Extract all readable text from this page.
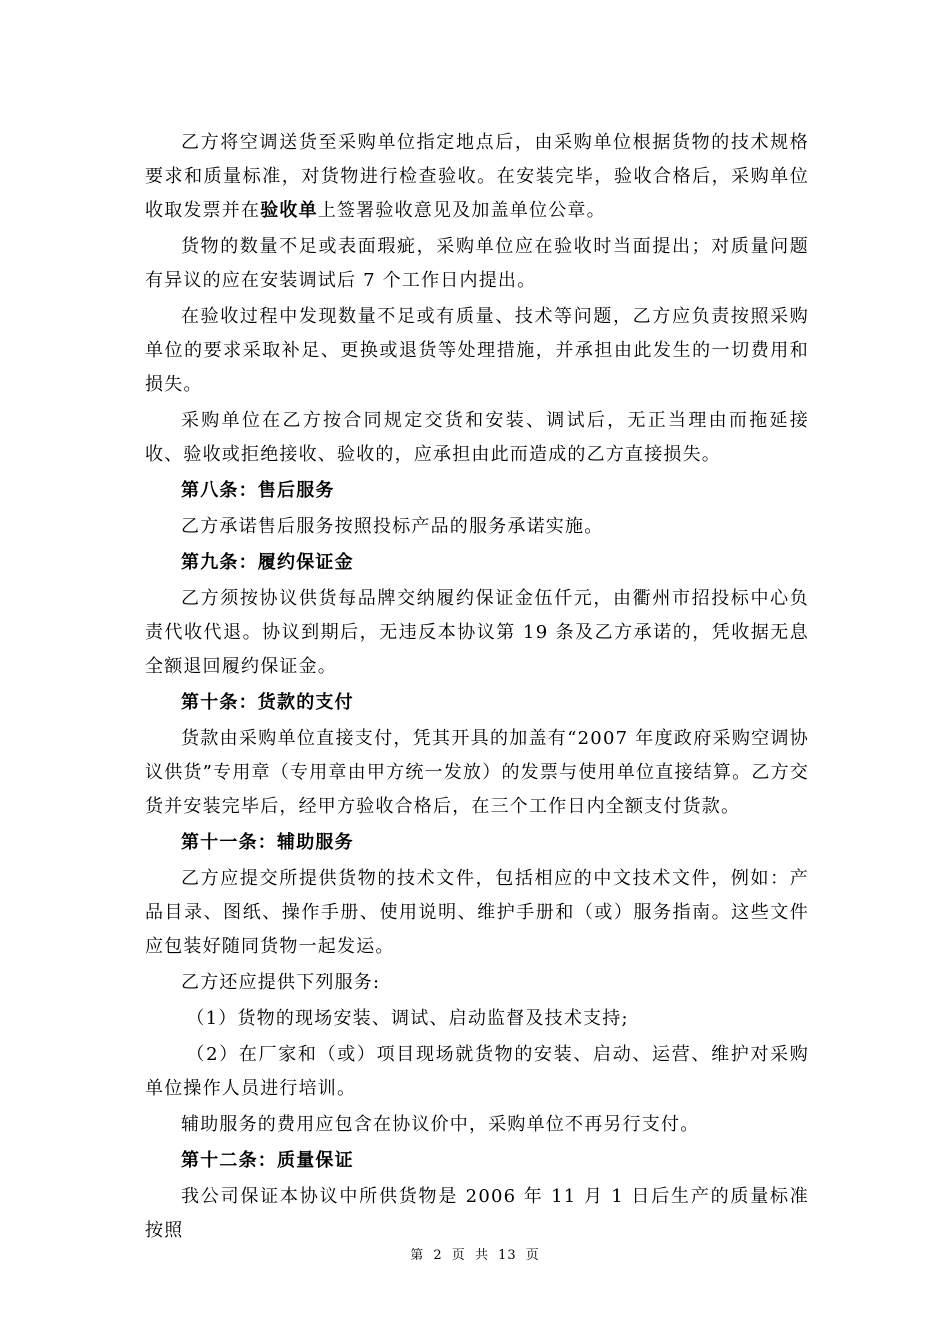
乙方将空调送货至采购单位指定地点后，由采购单位根据货物的技术规格要求和质量标准，对货物进行检查验收。在安装完毕，验收合格后，采购单位收取发票并在验收单上签署验收意见及加盖单位公章。

货物的数量不足或表面瑕疵，采购单位应在验收时当面提出；对质量问题有异议的应在安装调试后 7 个工作日内提出。

在验收过程中发现数量不足或有质量、技术等问题，乙方应负责按照采购单位的要求采取补足、更换或退货等处理措施，并承担由此发生的一切费用和损失。

采购单位在乙方按合同规定交货和安装、调试后，无正当理由而拖延接收、验收或拒绝接收、验收的，应承担由此而造成的乙方直接损失。

第八条：售后服务

乙方承诺售后服务按照投标产品的服务承诺实施。

第九条：履约保证金

乙方须按协议供货每品牌交纳履约保证金伍仟元，由衢州市招投标中心负责代收代退。协议到期后，无违反本协议第 19 条及乙方承诺的，凭收据无息全额退回履约保证金。

第十条：货款的支付

货款由采购单位直接支付，凭其开具的加盖有“2007 年度政府采购空调协议供货”专用章（专用章由甲方统一发放）的发票与使用单位直接结算。乙方交货并安装完毕后，经甲方验收合格后，在三个工作日内全额支付货款。

第十一条：辅助服务

乙方应提交所提供货物的技术文件，包括相应的中文技术文件，例如：产品目录、图纸、操作手册、使用说明、维护手册和（或）服务指南。这些文件应包装好随同货物一起发运。

乙方还应提供下列服务:

（1）货物的现场安装、调试、启动监督及技术支持;

（2）在厂家和（或）项目现场就货物的安装、启动、运营、维护对采购单位操作人员进行培训。

辅助服务的费用应包含在协议价中，采购单位不再另行支付。

第十二条：质量保证

我公司保证本协议中所供货物是 2006 年 11 月 1 日后生产的质量标准按照

第 2 页 共 13 页
